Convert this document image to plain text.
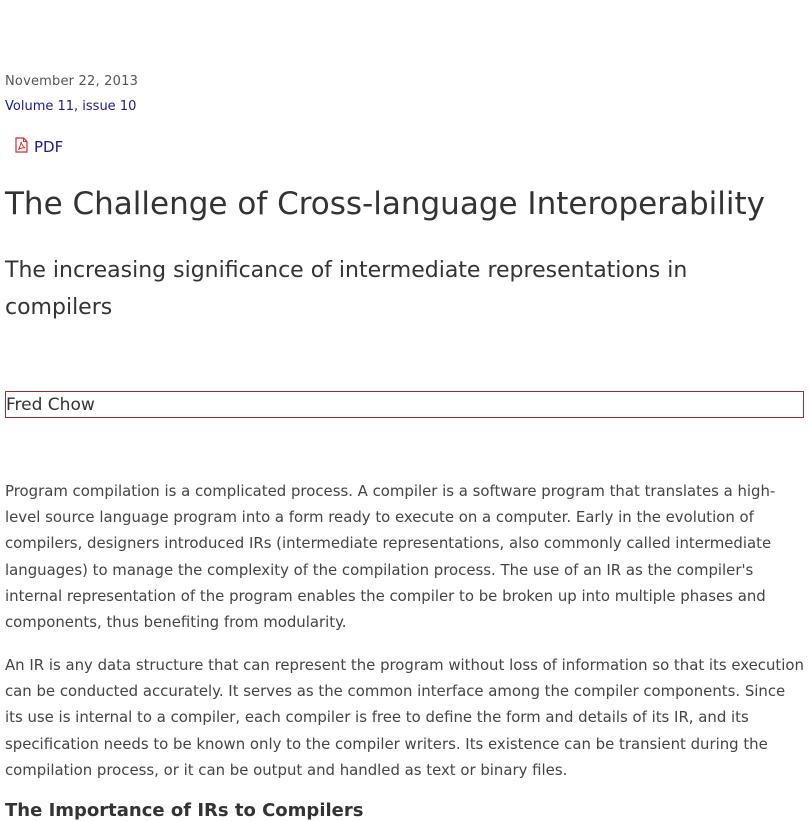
November 22, 2013
Volume 11, issue 10
PDF
The Challenge of Cross-language Interoperability
The increasing significance of intermediate representations in compilers
Fred Chow

Program compilation is a complicated process. A compiler is a software program that translates a high-level source language program into a form ready to execute on a computer. Early in the evolution of compilers, designers introduced IRs (intermediate representations, also commonly called intermediate languages) to manage the complexity of the compilation process. The use of an IR as the compiler's internal representation of the program enables the compiler to be broken up into multiple phases and components, thus benefiting from modularity.

An IR is any data structure that can represent the program without loss of information so that its execution can be conducted accurately. It serves as the common interface among the compiler components. Since its use is internal to a compiler, each compiler is free to define the form and details of its IR, and its specification needs to be known only to the compiler writers. Its existence can be transient during the compilation process, or it can be output and handled as text or binary files.

The Importance of IRs to Compilers
